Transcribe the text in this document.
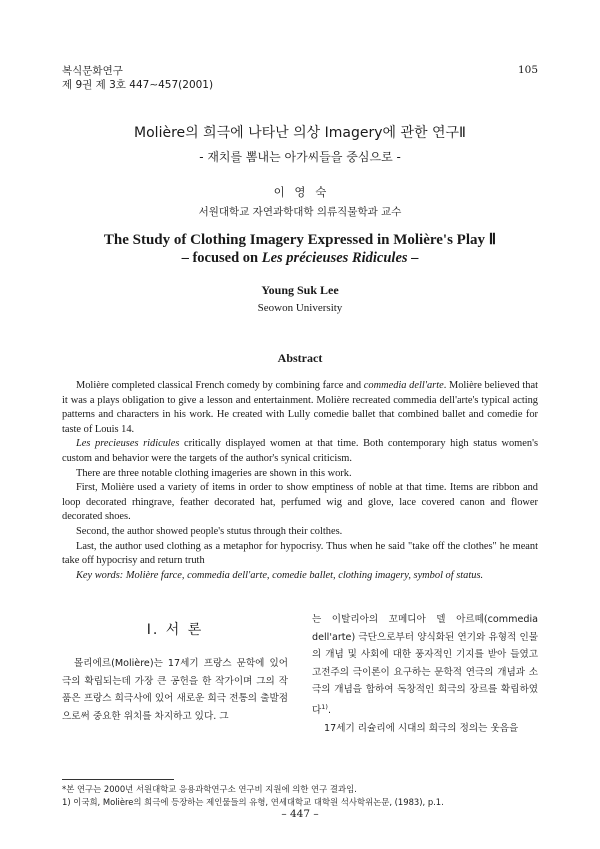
복식문화연구
제 9권 제 3호 447∼457(2001)
105
Molière의 희극에 나타난 의상 Imagery에 관한 연구Ⅱ
- 재치를 뽐내는 아가씨들을 중심으로 -
이 영 숙
서원대학교 자연과학대학 의류직물학과 교수
The Study of Clothing Imagery Expressed in Molière's Play Ⅱ
– focused on Les précieuses Ridicules –
Young Suk Lee
Seowon University
Abstract

Molière completed classical French comedy by combining farce and commedia dell'arte. Molière believed that it was a plays obligation to give a lesson and entertainment. Molière recreated commedia dell'arte's typical acting patterns and characters in his work. He created with Lully comedie ballet that combined ballet and comedie for taste of Louis 14.

Les precieuses ridicules critically displayed women at that time. Both contemporary high status women's custom and behavior were the targets of the author's synical criticism.

There are three notable clothing imageries are shown in this work.

First, Molière used a variety of items in order to show emptiness of noble at that time. Items are ribbon and loop decorated rhingrave, feather decorated hat, perfumed wig and glove, lace covered canon and flower decorated shoes.

Second, the author showed people's stutus through their colthes.

Last, the author used clothing as a metaphor for hypocrisy. Thus when he said "take off the clothes" he meant take off hypocrisy and return truth

Key words: Molière farce, commedia dell'arte, comedie ballet, clothing imagery, symbol of status.

Ⅰ. 서 론

몰리에르(Molière)는 17세기 프랑스 문학에 있어 극의 확립되는데 가장 큰 공헌을 한 작가이며 그의 작품은 프랑스 희극사에 있어 새로운 희극 전통의 출발점으로써 중요한 위치를 차지하고 있다. 그

는 이탈리아의 꼬메디아 델 아르떼(commedia dell'arte) 극단으로부터 양식화된 연기와 유형적 인물의 개념 및 사회에 대한 풍자적인 기지를 받아 들였고 고전주의 극이론이 요구하는 문학적 연극의 개념과 소극의 개념을 합하여 독창적인 희극의 장르를 확립하였다$^{1)}$.

17세기 리슐리에 시대의 희극의 정의는 웃음을

*본 연구는 2000년 서원대학교 응용과학연구소 연구비 지원에 의한 연구 결과임.
1) 이국희, Molière의 희극에 등장하는 제인물들의 유형, 연세대학교 대학원 석사학위논문, (1983), p.1.
– 447 –
